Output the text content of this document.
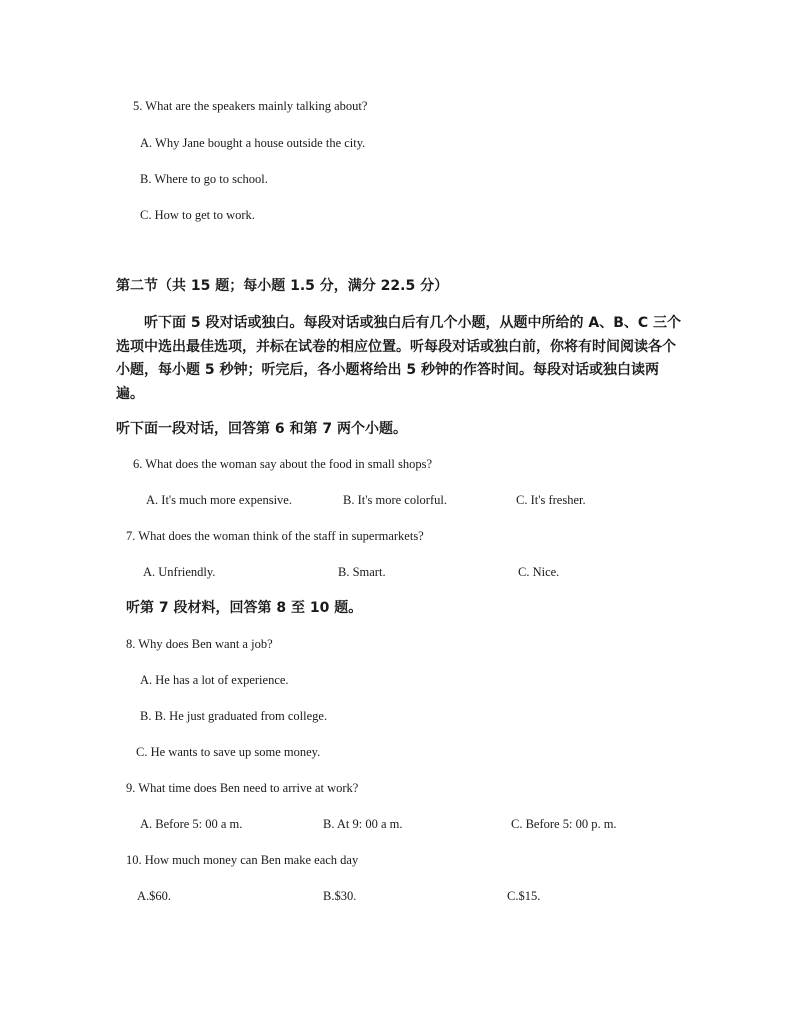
5. What are the speakers mainly talking about?
A. Why Jane bought a house outside the city.
B. Where to go to school.
C. How to get to work.
第二节（共 15 题；每小题 1.5 分，满分 22.5 分）
听下面 5 段对话或独白。每段对话或独白后有几个小题，从题中所给的 A、B、C 三个选项中选出最佳选项，并标在试卷的相应位置。听每段对话或独白前，你将有时间阅读各个小题，每小题 5 秒钟；听完后，各小题将给出 5 秒钟的作答时间。每段对话或独白读两遍。
听下面一段对话，回答第 6 和第 7 两个小题。
6. What does the woman say about the food in small shops?
A. It's much more expensive.	B. It's more colorful.	C. It's fresher.
7. What does the woman think of the staff in supermarkets?
A. Unfriendly.	B. Smart.	C. Nice.
听第 7 段材料，回答第 8 至 10 题。
8. Why does Ben want a job?
A. He has a lot of experience.
B. B. He just graduated from college.
C. He wants to save up some money.
9. What time does Ben need to arrive at work?
A. Before 5: 00 a m.	B. At 9: 00 a m.	C. Before 5: 00 p. m.
10. How much money can Ben make each day
A.$60.	B.$30.	C.$15.
